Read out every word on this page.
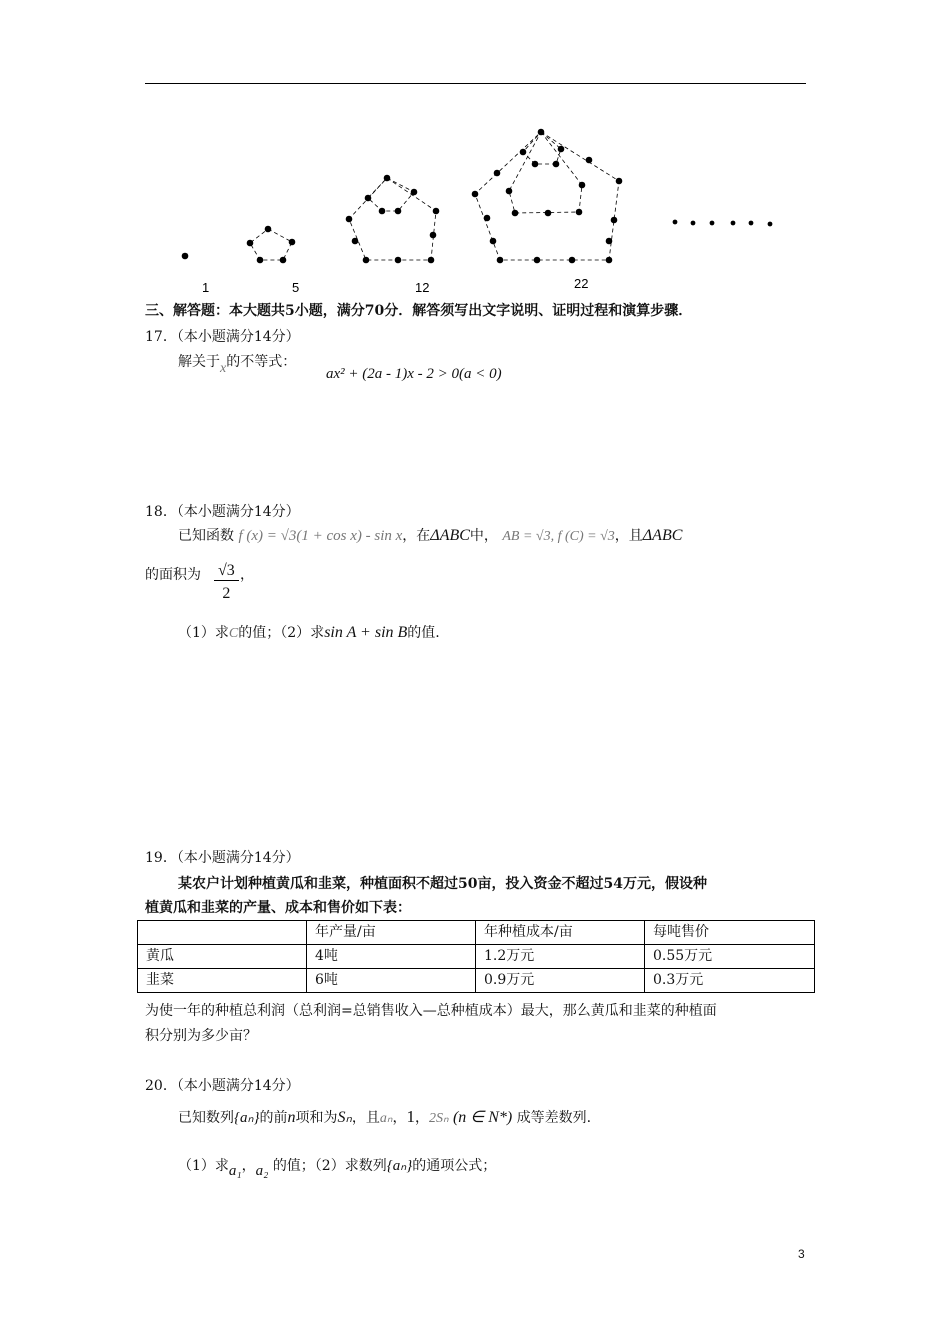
1	5	12	22
三、解答题：本大题共5小题，满分70分．解答须写出文字说明、证明过程和演算步骤．
17．（本小题满分14分）
解关于x的不等式：
ax² + (2a - 1)x - 2 > 0(a < 0)
18．（本小题满分14分）
已知函数 f (x) = √3(1 + cos x) - sin x，在ΔABC中， AB = √3, f (C) = √3，且ΔABC
的面积为 $\frac{√3}{2}$ ，
（1）求C的值；（2）求sin A + sin B的值.
19．（本小题满分14分）
某农户计划种植黄瓜和韭菜，种植面积不超过50亩，投入资金不超过54万元，假设种
植黄瓜和韭菜的产量、成本和售价如下表：
	年产量/亩	年种植成本/亩	每吨售价
黄瓜	4吨	1.2万元	0.55万元
韭菜	6吨	0.9万元	0.3万元
为使一年的种植总利润（总利润=总销售收入—总种植成本）最大，那么黄瓜和韭菜的种植面
积分别为多少亩？
20．（本小题满分14分）
已知数列{aₙ}的前n项和为Sₙ，且aₙ，1，2Sₙ (n ∈ N*) 成等差数列.
（1）求a₁，a₂ 的值；（2）求数列{aₙ}的通项公式；
3
